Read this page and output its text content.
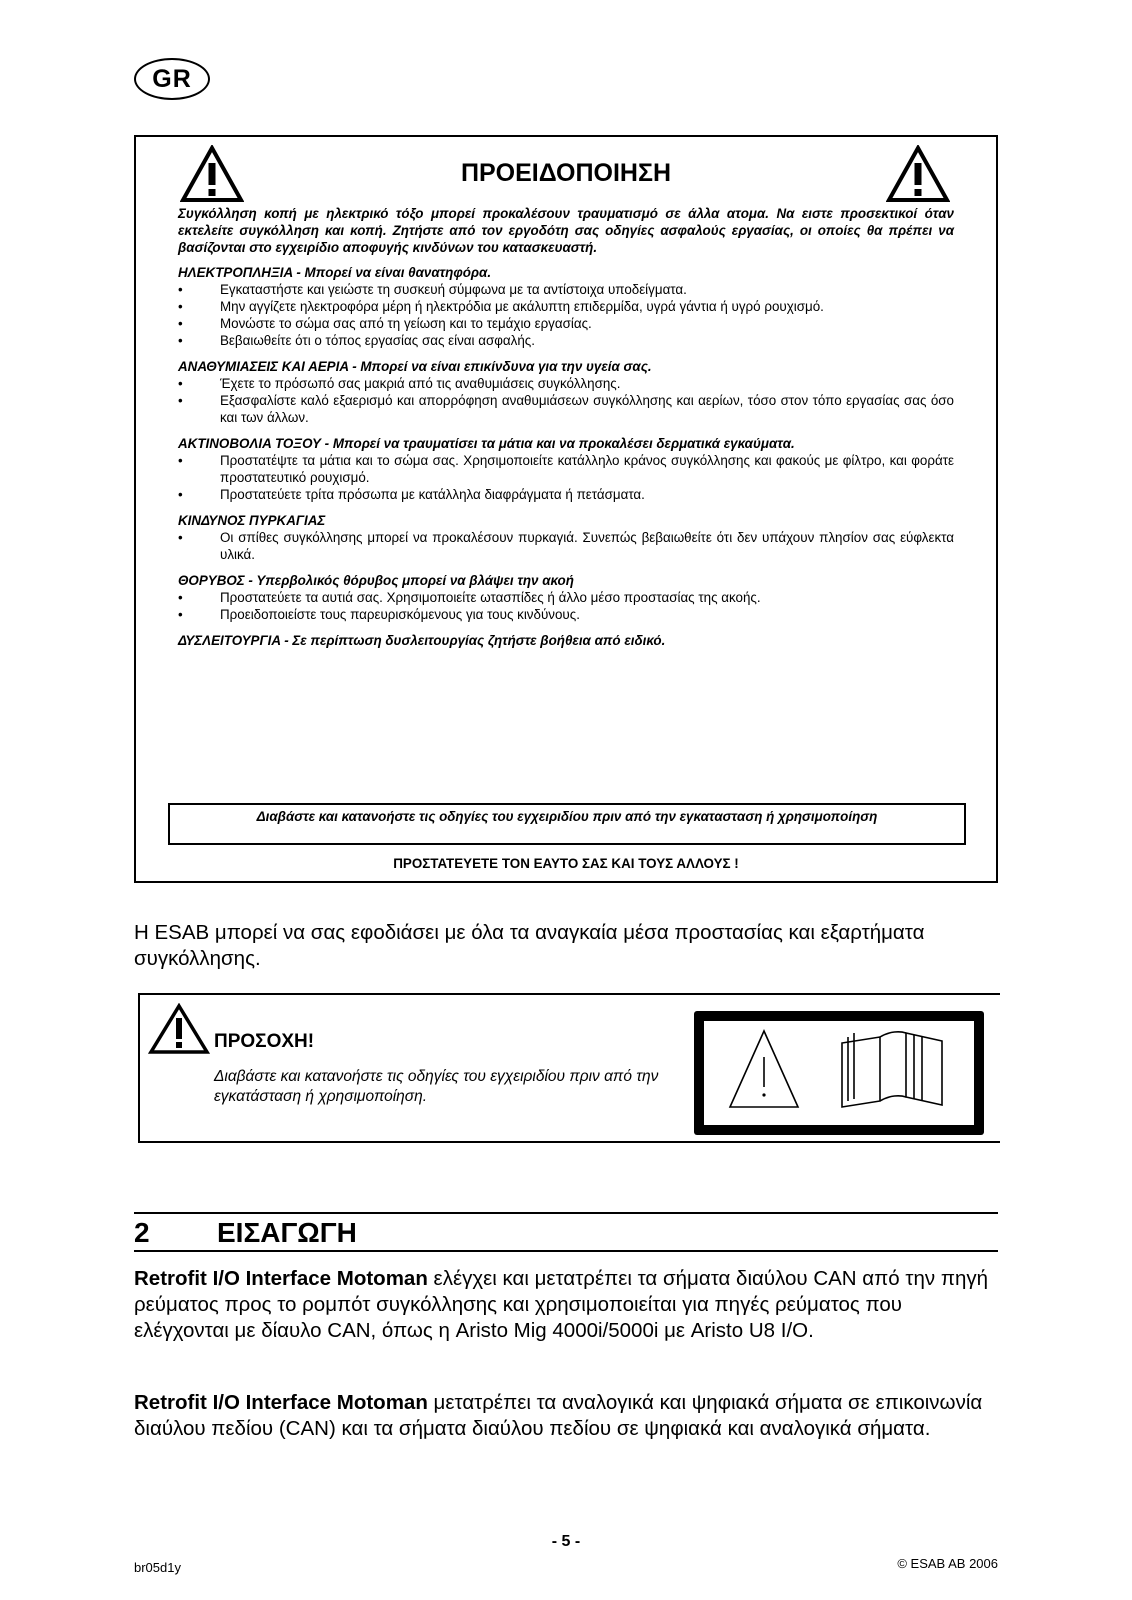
GR
ΠΡΟΕΙΔΟΠΟΙΗΣΗ

Συγκόλληση κοπή με ηλεκτρικό τόξο μπορεί προκαλέσουν τραυματισμό σε άλλα ατομα. Να ειστε προσεκτικοί όταν εκτελείτε συγκόλληση και κοπή. Ζητήστε από τον εργοδότη σας οδηγίες ασφαλούς εργασίας, οι οποίες θα πρέπει να βασίζονται στο εγχειρίδιο αποφυγής κινδύνων του κατασκευαστή.

ΗΛΕΚΤΡΟΠΛΗΞΙΑ - Μπορεί να είναι θανατηφόρα.
• Εγκαταστήστε και γειώστε τη συσκευή σύμφωνα με τα αντίστοιχα υποδείγματα.
• Μην αγγίζετε ηλεκτροφόρα μέρη ή ηλεκτρόδια με ακάλυπτη επιδερμίδα, υγρά γάντια ή υγρό ρουχισμό.
• Μονώστε το σώμα σας από τη γείωση και το τεμάχιο εργασίας.
• Βεβαιωθείτε ότι ο τόπος εργασίας σας είναι ασφαλής.
ΑΝΑΘΥΜΙΑΣΕΙΣ ΚΑΙ ΑΕΡΙΑ - Μπορεί να είναι επικίνδυνα για την υγεία σας.
• Έχετε το πρόσωπό σας μακριά από τις αναθυμιάσεις συγκόλλησης.
• Εξασφαλίστε καλό εξαερισμό και απορρόφηση αναθυμιάσεων συγκόλλησης και αερίων, τόσο στον τόπο εργασίας σας όσο και των άλλων.
ΑΚΤΙΝΟΒΟΛΙΑ ΤΟΞΟΥ - Μπορεί να τραυματίσει τα μάτια και να προκαλέσει δερματικά εγκαύματα.
• Προστατέψτε τα μάτια και το σώμα σας. Χρησιμοποιείτε κατάλληλο κράνος συγκόλλησης και φακούς με φίλτρο, και φοράτε προστατευτικό ρουχισμό.
• Προστατεύετε τρίτα πρόσωπα με κατάλληλα διαφράγματα ή πετάσματα.
ΚΙΝΔΥΝΟΣ ΠΥΡΚΑΓΙΑΣ
• Οι σπίθες συγκόλλησης μπορεί να προκαλέσουν πυρκαγιά. Συνεπώς βεβαιωθείτε ότι δεν υπάχουν πλησίον σας εύφλεκτα υλικά.
ΘΟΡΥΒΟΣ - Υπερβολικός θόρυβος μπορεί να βλάψει την ακοή
• Προστατεύετε τα αυτιά σας. Χρησιμοποιείτε ωτασπίδες ή άλλο μέσο προστασίας της ακοής.
• Προειδοποιείστε τους παρευρισκόμενους για τους κινδύνους.
ΔΥΣΛΕΙΤΟΥΡΓΙΑ - Σε περίπτωση δυσλειτουργίας ζητήστε βοήθεια από ειδικό.
Διαβάστε και κατανοήστε τις οδηγίες του εγχειριδίου πριν από την εγκατασταση ή χρησιμοποίηση
ΠΡΟΣΤΑΤΕΥΕΤΕ ΤΟΝ ΕΑΥΤΟ ΣΑΣ ΚΑΙ ΤΟΥΣ ΑΛΛΟΥΣ !
Η ESAB μπορεί να σας εφοδιάσει με όλα τα αναγκαία μέσα προστασίας και εξαρτήματα συγκόλλησης.
ΠΡΟΣΟΧΗ!
Διαβάστε και κατανοήστε τις οδηγίες του εγχειριδίου πριν από την εγκατάσταση ή χρησιμοποίηση.
2 ΕΙΣΑΓΩΓΗ
Retrofit I/O Interface Motoman ελέγχει και μετατρέπει τα σήματα διαύλου CAN από την πηγή ρεύματος προς το ρομπότ συγκόλλησης και χρησιμοποιείται για πηγές ρεύματος που ελέγχονται με δίαυλο CAN, όπως η Aristo Mig 4000i/5000i με Aristo U8 I/O.
Retrofit I/O Interface Motoman μετατρέπει τα αναλογικά και ψηφιακά σήματα σε επικοινωνία διαύλου πεδίου (CAN) και τα σήματα διαύλου πεδίου σε ψηφιακά και αναλογικά σήματα.
- 5 -
br05d1y	© ESAB AB 2006
